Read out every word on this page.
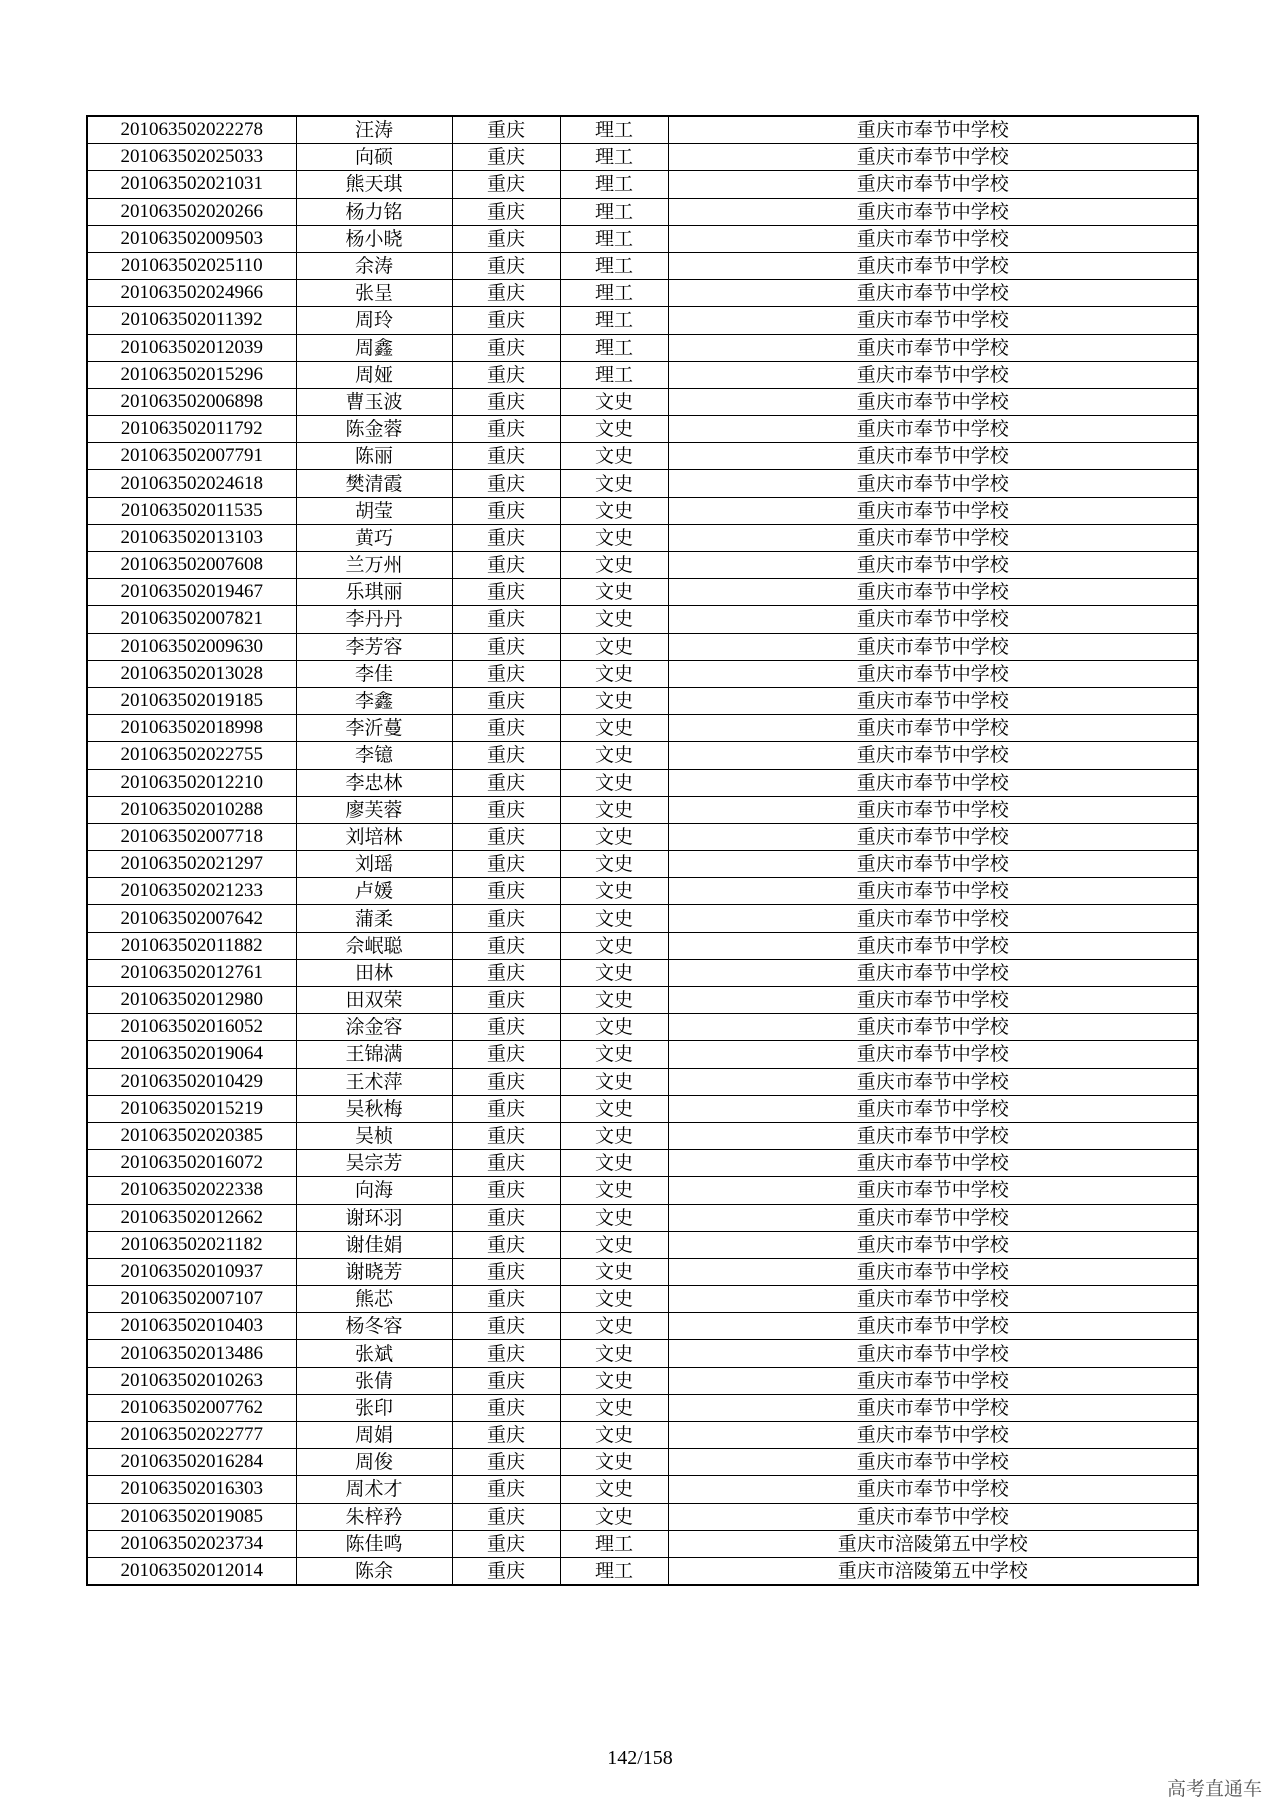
201063502022278	汪涛	重庆	理工	重庆市奉节中学校
201063502025033	向硕	重庆	理工	重庆市奉节中学校
201063502021031	熊天琪	重庆	理工	重庆市奉节中学校
201063502020266	杨力铭	重庆	理工	重庆市奉节中学校
201063502009503	杨小晓	重庆	理工	重庆市奉节中学校
201063502025110	余涛	重庆	理工	重庆市奉节中学校
201063502024966	张呈	重庆	理工	重庆市奉节中学校
201063502011392	周玲	重庆	理工	重庆市奉节中学校
201063502012039	周鑫	重庆	理工	重庆市奉节中学校
201063502015296	周娅	重庆	理工	重庆市奉节中学校
201063502006898	曹玉波	重庆	文史	重庆市奉节中学校
201063502011792	陈金蓉	重庆	文史	重庆市奉节中学校
201063502007791	陈丽	重庆	文史	重庆市奉节中学校
201063502024618	樊清霞	重庆	文史	重庆市奉节中学校
201063502011535	胡莹	重庆	文史	重庆市奉节中学校
201063502013103	黄巧	重庆	文史	重庆市奉节中学校
201063502007608	兰万州	重庆	文史	重庆市奉节中学校
201063502019467	乐琪丽	重庆	文史	重庆市奉节中学校
201063502007821	李丹丹	重庆	文史	重庆市奉节中学校
201063502009630	李芳容	重庆	文史	重庆市奉节中学校
201063502013028	李佳	重庆	文史	重庆市奉节中学校
201063502019185	李鑫	重庆	文史	重庆市奉节中学校
201063502018998	李沂蔓	重庆	文史	重庆市奉节中学校
201063502022755	李镱	重庆	文史	重庆市奉节中学校
201063502012210	李忠林	重庆	文史	重庆市奉节中学校
201063502010288	廖芙蓉	重庆	文史	重庆市奉节中学校
201063502007718	刘培林	重庆	文史	重庆市奉节中学校
201063502021297	刘瑶	重庆	文史	重庆市奉节中学校
201063502021233	卢媛	重庆	文史	重庆市奉节中学校
201063502007642	蒲柔	重庆	文史	重庆市奉节中学校
201063502011882	佘岷聪	重庆	文史	重庆市奉节中学校
201063502012761	田林	重庆	文史	重庆市奉节中学校
201063502012980	田双荣	重庆	文史	重庆市奉节中学校
201063502016052	涂金容	重庆	文史	重庆市奉节中学校
201063502019064	王锦满	重庆	文史	重庆市奉节中学校
201063502010429	王术萍	重庆	文史	重庆市奉节中学校
201063502015219	吴秋梅	重庆	文史	重庆市奉节中学校
201063502020385	吴桢	重庆	文史	重庆市奉节中学校
201063502016072	吴宗芳	重庆	文史	重庆市奉节中学校
201063502022338	向海	重庆	文史	重庆市奉节中学校
201063502012662	谢环羽	重庆	文史	重庆市奉节中学校
201063502021182	谢佳娟	重庆	文史	重庆市奉节中学校
201063502010937	谢晓芳	重庆	文史	重庆市奉节中学校
201063502007107	熊芯	重庆	文史	重庆市奉节中学校
201063502010403	杨冬容	重庆	文史	重庆市奉节中学校
201063502013486	张斌	重庆	文史	重庆市奉节中学校
201063502010263	张倩	重庆	文史	重庆市奉节中学校
201063502007762	张印	重庆	文史	重庆市奉节中学校
201063502022777	周娟	重庆	文史	重庆市奉节中学校
201063502016284	周俊	重庆	文史	重庆市奉节中学校
201063502016303	周术才	重庆	文史	重庆市奉节中学校
201063502019085	朱梓矜	重庆	文史	重庆市奉节中学校
201063502023734	陈佳鸣	重庆	理工	重庆市涪陵第五中学校
201063502012014	陈余	重庆	理工	重庆市涪陵第五中学校
142/158
高考直通车
